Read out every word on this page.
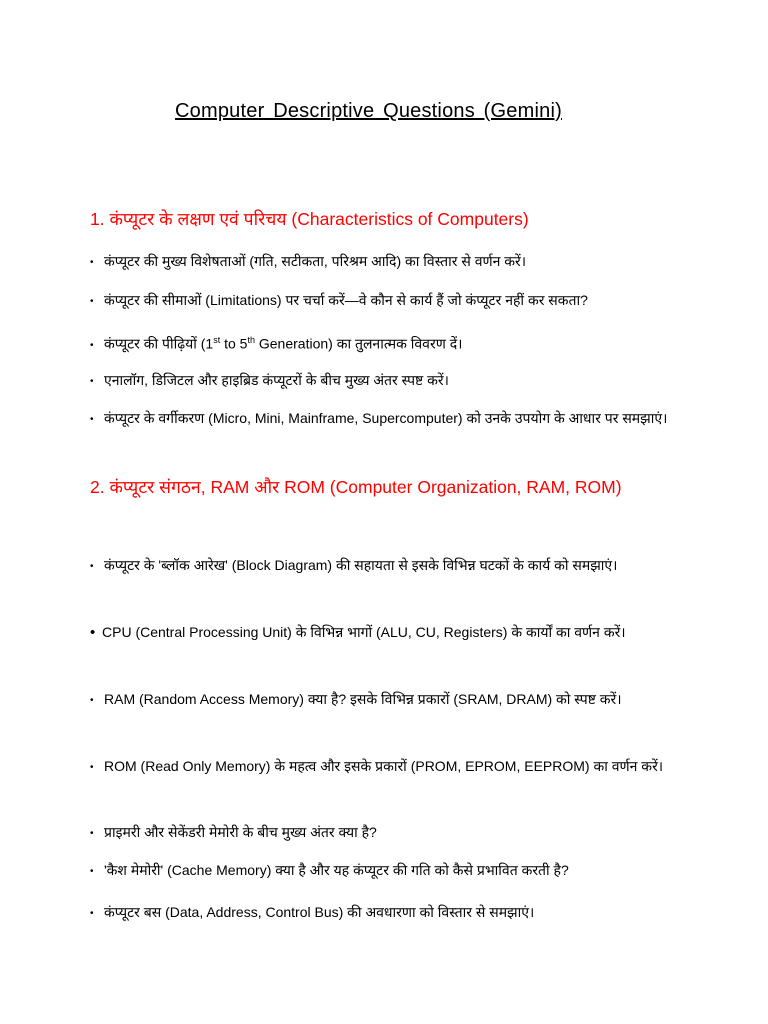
Computer Descriptive Questions (Gemini)
1. कंप्यूटर के लक्षण एवं परिचय (Characteristics of Computers)
• कंप्यूटर की मुख्य विशेषताओं (गति, सटीकता, परिश्रम आदि) का विस्तार से वर्णन करें।
• कंप्यूटर की सीमाओं (Limitations) पर चर्चा करें—वे कौन से कार्य हैं जो कंप्यूटर नहीं कर सकता?
• कंप्यूटर की पीढ़ियों (1st to 5th Generation) का तुलनात्मक विवरण दें।
• एनालॉग, डिजिटल और हाइब्रिड कंप्यूटरों के बीच मुख्य अंतर स्पष्ट करें।
• कंप्यूटर के वर्गीकरण (Micro, Mini, Mainframe, Supercomputer) को उनके उपयोग के आधार पर समझाएं।
2. कंप्यूटर संगठन, RAM और ROM (Computer Organization, RAM, ROM)
• कंप्यूटर के 'ब्लॉक आरेख' (Block Diagram) की सहायता से इसके विभिन्न घटकों के कार्य को समझाएं।
• CPU (Central Processing Unit) के विभिन्न भागों (ALU, CU, Registers) के कार्यों का वर्णन करें।
• RAM (Random Access Memory) क्या है? इसके विभिन्न प्रकारों (SRAM, DRAM) को स्पष्ट करें।
• ROM (Read Only Memory) के महत्व और इसके प्रकारों (PROM, EPROM, EEPROM) का वर्णन करें।
• प्राइमरी और सेकेंडरी मेमोरी के बीच मुख्य अंतर क्या है?
• 'कैश मेमोरी' (Cache Memory) क्या है और यह कंप्यूटर की गति को कैसे प्रभावित करती है?
• कंप्यूटर बस (Data, Address, Control Bus) की अवधारणा को विस्तार से समझाएं।
